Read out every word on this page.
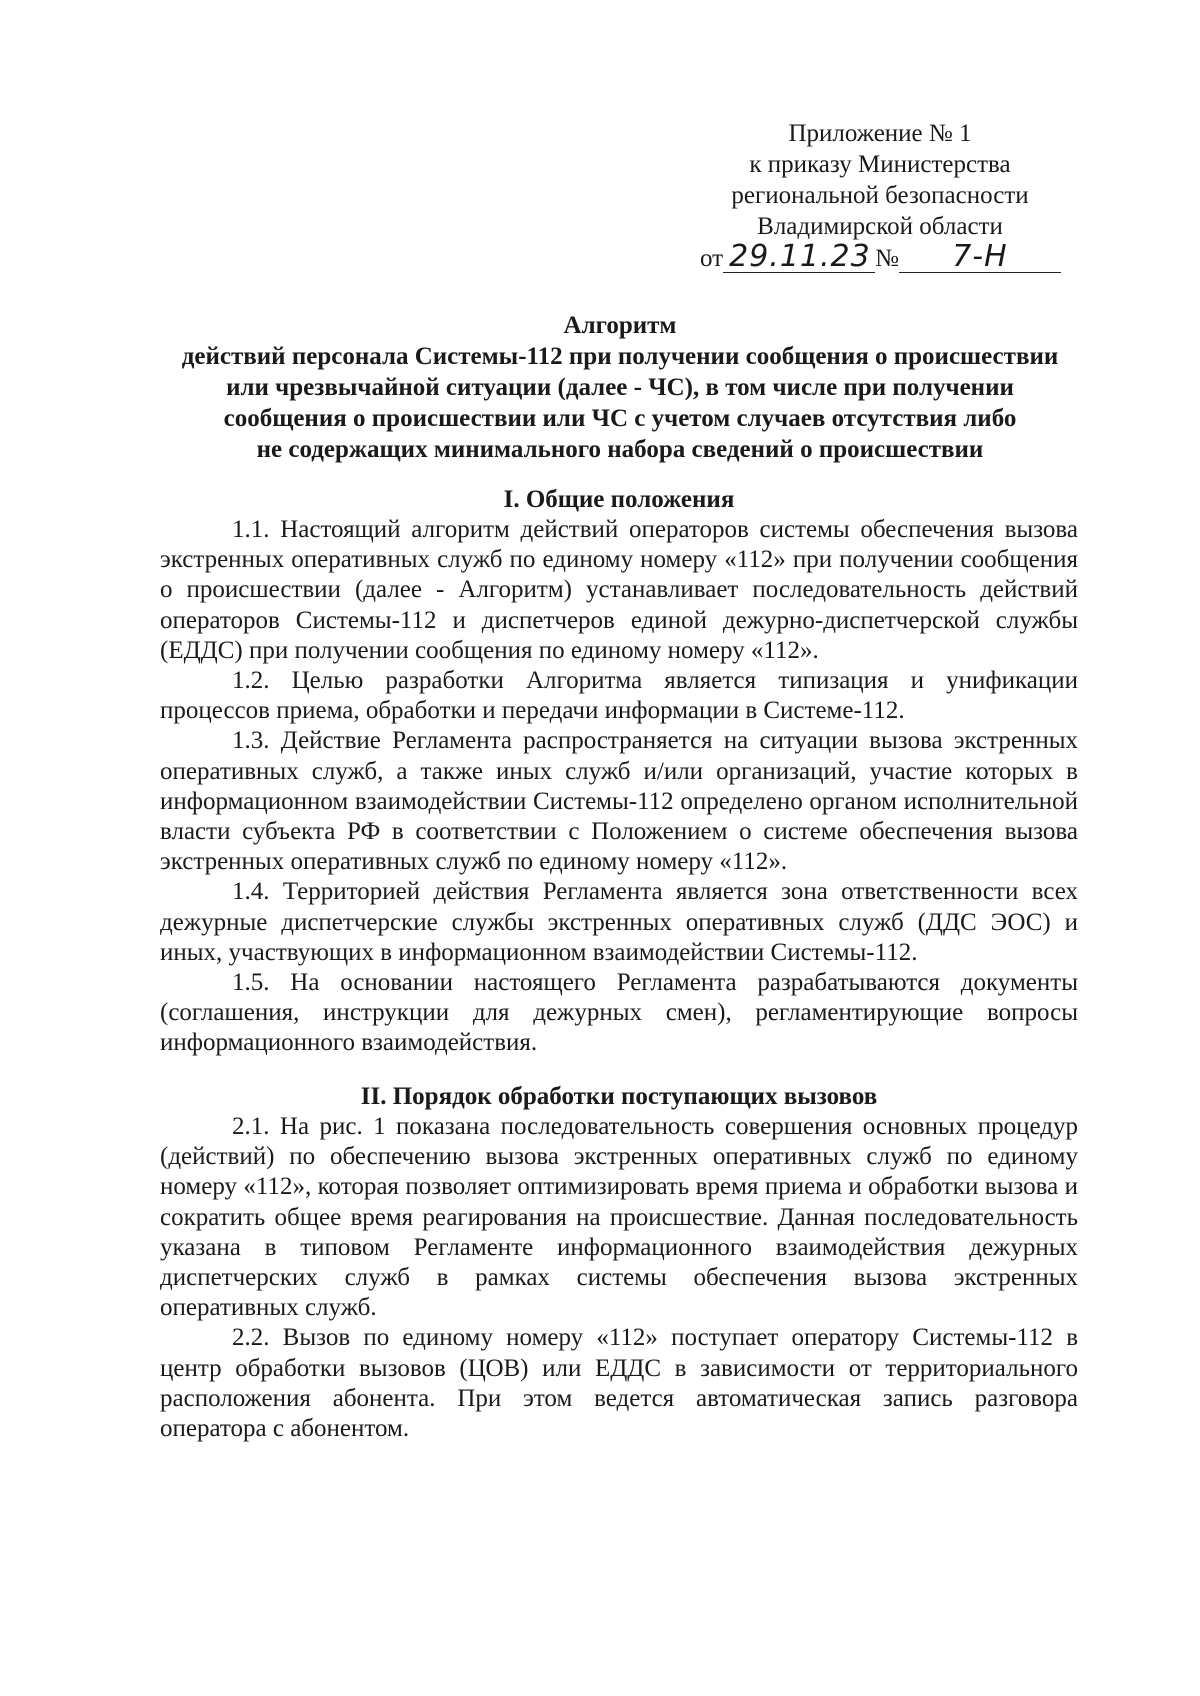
Приложение № 1
к приказу Министерства
региональной безопасности
Владимирской области
от 29.11.23 № 7-Н
Алгоритм
действий персонала Системы-112 при получении сообщения о происшествии
или чрезвычайной ситуации (далее - ЧС), в том числе при получении
сообщения о происшествии или ЧС с учетом случаев отсутствия либо
не содержащих минимального набора сведений о происшествии

I. Общие положения

1.1. Настоящий алгоритм действий операторов системы обеспечения вызова экстренных оперативных служб по единому номеру «112» при получении сообщения о происшествии (далее - Алгоритм) устанавливает последовательность действий операторов Системы-112 и диспетчеров единой дежурно-диспетчерской службы (ЕДДС) при получении сообщения по единому номеру «112».

1.2. Целью разработки Алгоритма является типизация и унификации процессов приема, обработки и передачи информации в Системе-112.

1.3. Действие Регламента распространяется на ситуации вызова экстренных оперативных служб, а также иных служб и/или организаций, участие которых в информационном взаимодействии Системы-112 определено органом исполнительной власти субъекта РФ в соответствии с Положением о системе обеспечения вызова экстренных оперативных служб по единому номеру «112».

1.4. Территорией действия Регламента является зона ответственности всех дежурные диспетчерские службы экстренных оперативных служб (ДДС ЭОС) и иных, участвующих в информационном взаимодействии Системы-112.

1.5. На основании настоящего Регламента разрабатываются документы (соглашения, инструкции для дежурных смен), регламентирующие вопросы информационного взаимодействия.

II. Порядок обработки поступающих вызовов

2.1. На рис. 1 показана последовательность совершения основных процедур (действий) по обеспечению вызова экстренных оперативных служб по единому номеру «112», которая позволяет оптимизировать время приема и обработки вызова и сократить общее время реагирования на происшествие. Данная последовательность указана в типовом Регламенте информационного взаимодействия дежурных диспетчерских служб в рамках системы обеспечения вызова экстренных оперативных служб.

2.2. Вызов по единому номеру «112» поступает оператору Системы-112 в центр обработки вызовов (ЦОВ) или ЕДДС в зависимости от территориального расположения абонента. При этом ведется автоматическая запись разговора оператора с абонентом.
